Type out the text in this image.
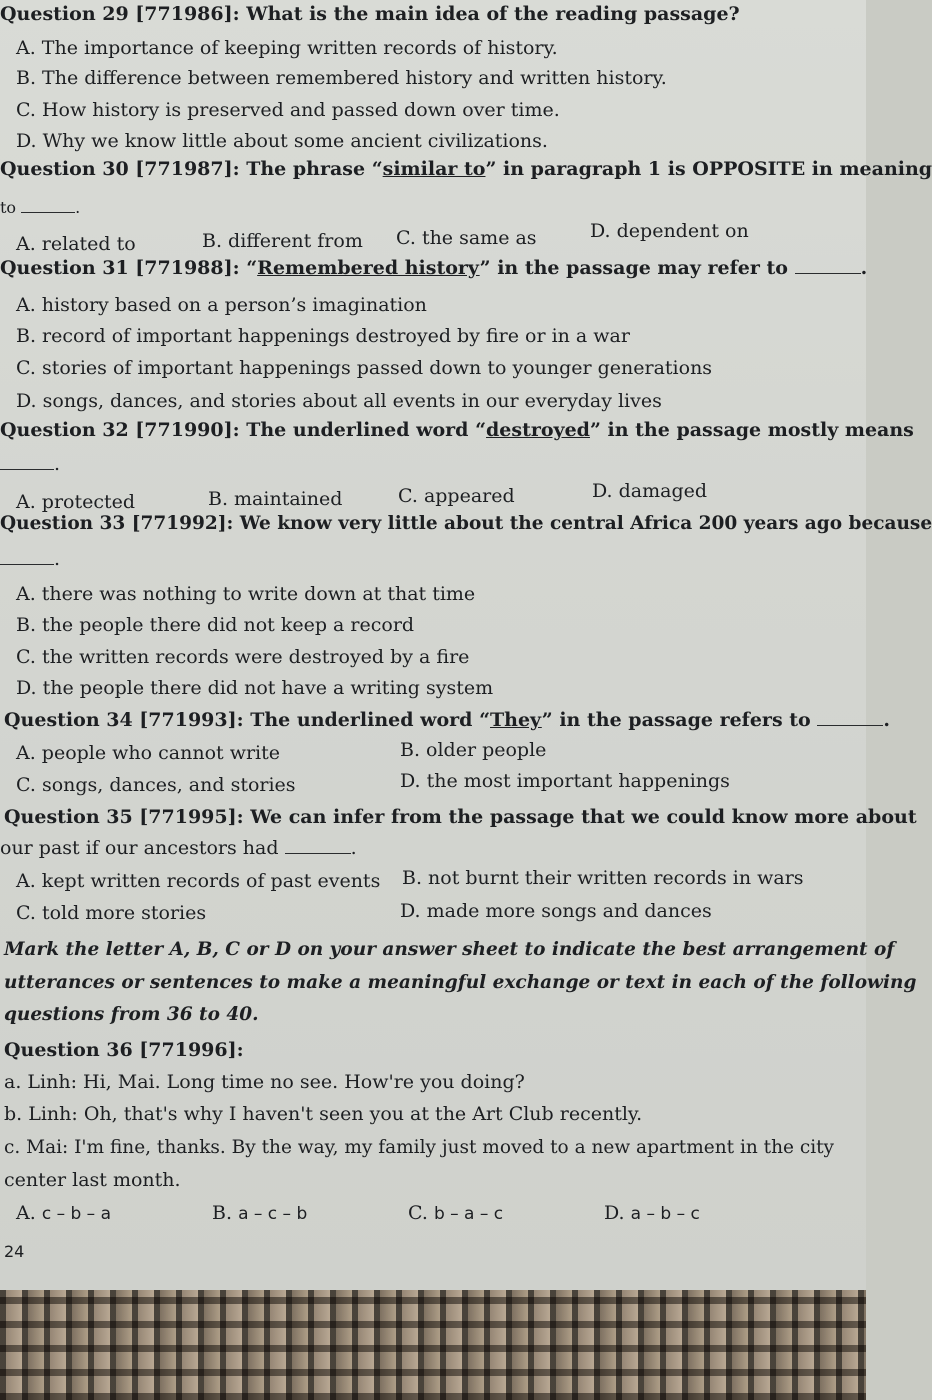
Question 29 [771986]: What is the main idea of the reading passage?
A. The importance of keeping written records of history.
B. The difference between remembered history and written history.
C. How history is preserved and passed down over time.
D. Why we know little about some ancient civilizations.
Question 30 [771987]: The phrase “similar to” in paragraph 1 is OPPOSITE in meaning
to	.
A. related to	B. different from C. the same as	D. dependent on
Question 31 [771988]: “Remembered history” in the passage may refer to	.
A. history based on a person’s imagination
B. record of important happenings destroyed by fire or in a war
C. stories of important happenings passed down to younger generations
D. songs, dances, and stories about all events in our everyday lives
Question 32 [771990]: The underlined word “destroyed” in the passage mostly means
.
A. protected	B. maintained	C. appeared	D. damaged
Question 33 [771992]: We know very little about the central Africa 200 years ago because
.
A. there was nothing to write down at that time
B. the people there did not keep a record
C. the written records were destroyed by a fire
D. the people there did not have a writing system
Question 34 [771993]: The underlined word “They” in the passage refers to	.
A. people who cannot write	B. older people
C. songs, dances, and stories	D. the most important happenings
Question 35 [771995]: We can infer from the passage that we could know more about
our past if our ancestors had	.
A. kept written records of past events B. not burnt their written records in wars
C. told more stories	D. made more songs and dances
Mark the letter A, B, C or D on your answer sheet to indicate the best arrangement of
utterances or sentences to make a meaningful exchange or text in each of the following
questions from 36 to 40.
Question 36 [771996]:
a. Linh: Hi, Mai. Long time no see. How're you doing?
b. Linh: Oh, that's why I haven't seen you at the Art Club recently.
c. Mai: I'm fine, thanks. By the way, my family just moved to a new apartment in the city
center last month.
A. c – b – a	B. a – c – b	C. b – a – c	D. a – b – c
24
